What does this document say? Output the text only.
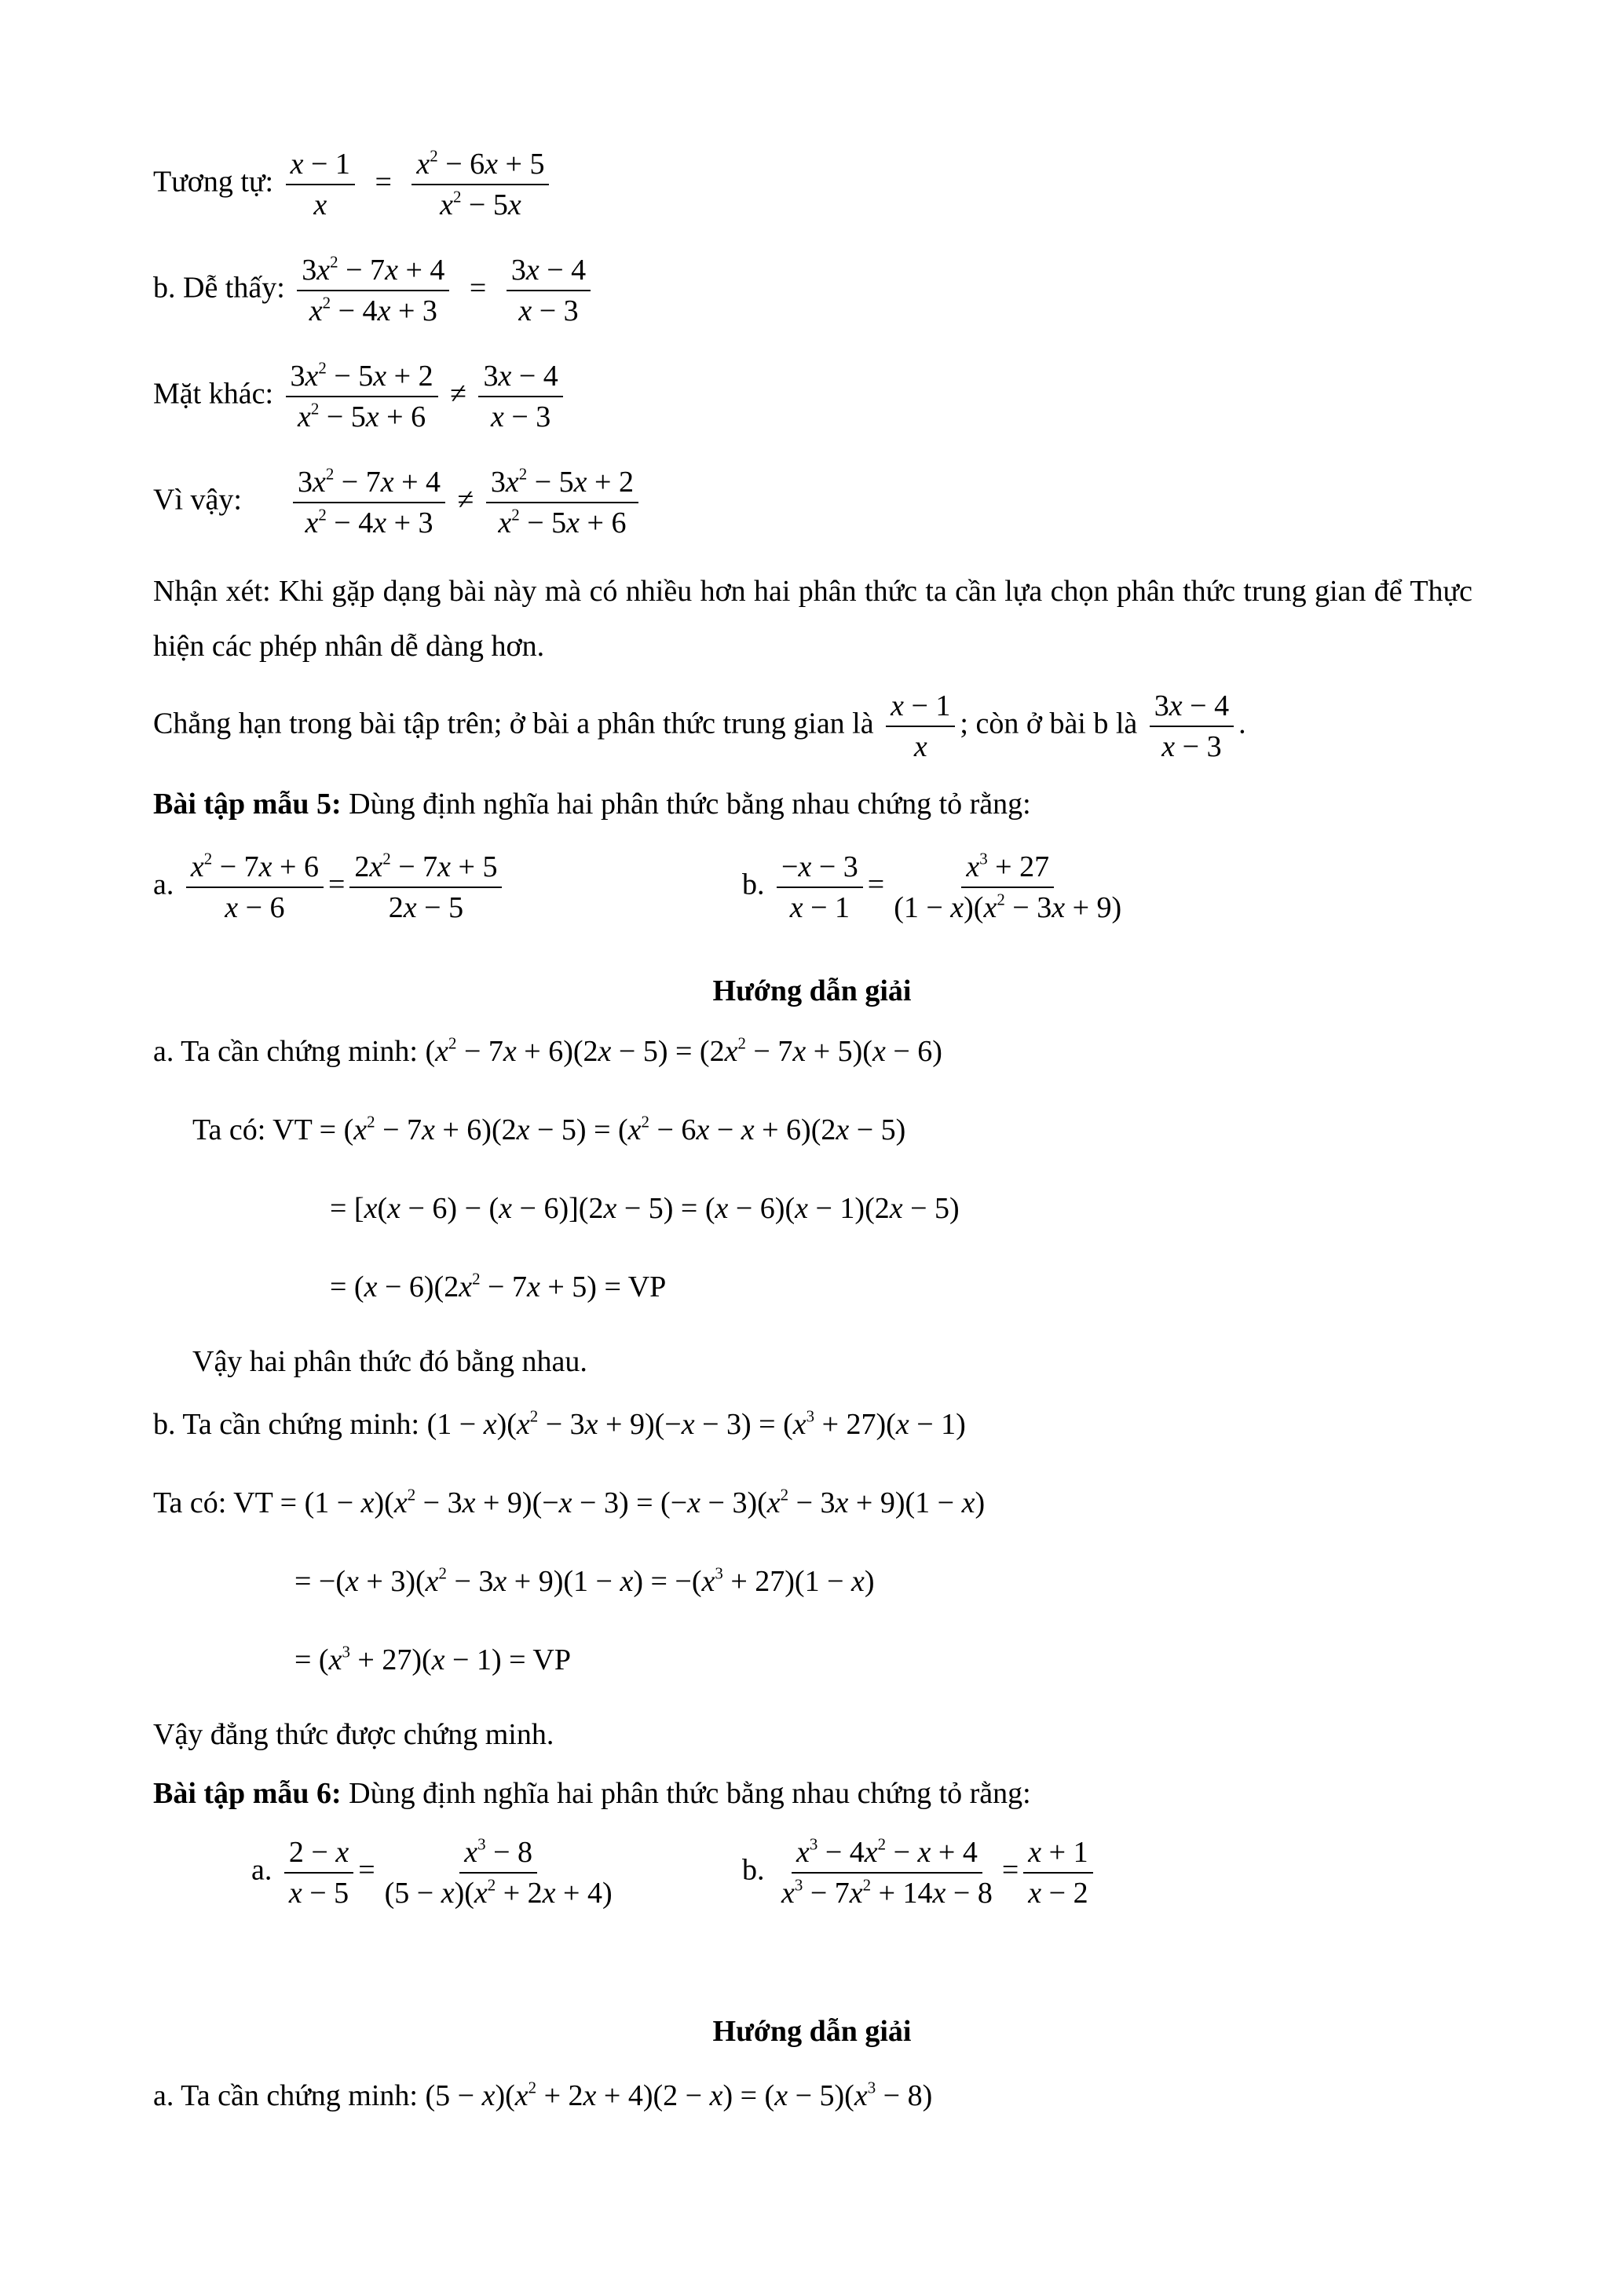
Tương tự: $\frac{x - 1}{x} = \frac{x^2 - 6x + 5}{x^2 - 5x}$
b. Dễ thấy: $\frac{3x^2 - 7x + 4}{x^2 - 4x + 3} = \frac{3x - 4}{x - 3}$
Mặt khác: $\frac{3x^2 - 5x + 2}{x^2 - 5x + 6} \ne \frac{3x - 4}{x - 3}$
Vì vậy: $\frac{3x^2 - 7x + 4}{x^2 - 4x + 3} \ne \frac{3x^2 - 5x + 2}{x^2 - 5x + 6}$
Nhận xét: Khi gặp dạng bài này mà có nhiều hơn hai phân thức ta cần lựa chọn phân thức trung gian để Thực hiện các phép nhân dễ dàng hơn.
Chẳng hạn trong bài tập trên; ở bài a phân thức trung gian là $\frac{x - 1}{x}$ ; còn ở bài b là $\frac{3x - 4}{x - 3}$ .
Bài tập mẫu 5: Dùng định nghĩa hai phân thức bằng nhau chứng tỏ rằng:
a. $\frac{x^2 - 7x + 6}{x - 6} = \frac{2x^2 - 7x + 5}{2x - 5}$	b. $\frac{-x - 3}{x - 1} = \frac{x^3 + 27}{(1 - x)(x^2 - 3x + 9)}$
Hướng dẫn giải
a. Ta cần chứng minh: $(x^2 - 7x + 6)(2x - 5) = (2x^2 - 7x + 5)(x - 6)$
Ta có: VT = $(x^2 - 7x + 6)(2x - 5) = (x^2 - 6x - x + 6)(2x - 5)$
= [x(x − 6) − (x − 6)](2x − 5) = (x − 6)(x − 1)(2x − 5)
= $(x - 6)(2x^2 - 7x + 5)$ = VP
Vậy hai phân thức đó bằng nhau.
b. Ta cần chứng minh: $(1 - x)(x^2 - 3x + 9)(-x - 3) = (x^3 + 27)(x - 1)$
Ta có: VT = $(1 - x)(x^2 - 3x + 9)(-x - 3) = (-x - 3)(x^2 - 3x + 9)(1 - x)$
= $-(x + 3)(x^2 - 3x + 9)(1 - x) = -(x^3 + 27)(1 - x)$
= $(x^3 + 27)(x - 1)$ = VP
Vậy đẳng thức được chứng minh.
Bài tập mẫu 6: Dùng định nghĩa hai phân thức bằng nhau chứng tỏ rằng:
a. $\frac{2 - x}{x - 5} = \frac{x^3 - 8}{(5 - x)(x^2 + 2x + 4)}$	b. $\frac{x^3 - 4x^2 - x + 4}{x^3 - 7x^2 + 14x - 8} = \frac{x + 1}{x - 2}$
Hướng dẫn giải
a. Ta cần chứng minh: $(5 - x)(x^2 + 2x + 4)(2 - x) = (x - 5)(x^3 - 8)$
